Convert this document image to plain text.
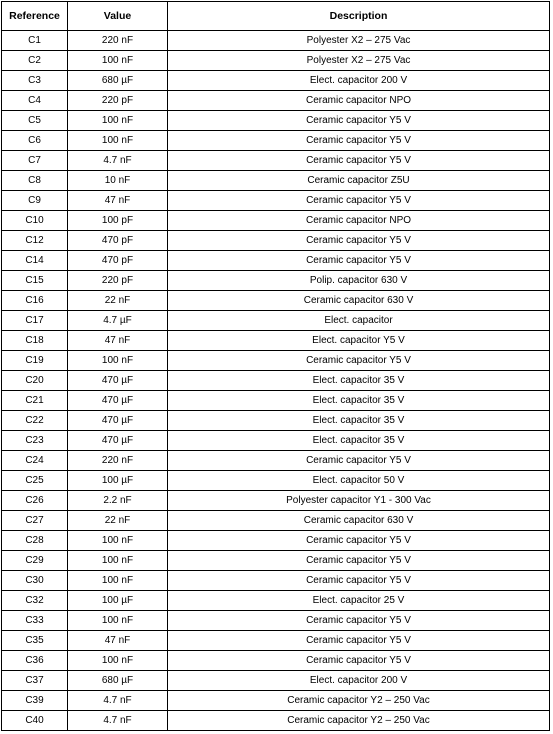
Reference	Value	Description
C1	220 nF	Polyester X2 – 275 Vac
C2	100 nF	Polyester X2 – 275 Vac
C3	680 µF	Elect. capacitor 200 V
C4	220 pF	Ceramic capacitor NPO
C5	100 nF	Ceramic capacitor Y5 V
C6	100 nF	Ceramic capacitor Y5 V
C7	4.7 nF	Ceramic capacitor Y5 V
C8	10 nF	Ceramic capacitor Z5U
C9	47 nF	Ceramic capacitor Y5 V
C10	100 pF	Ceramic capacitor NPO
C12	470 pF	Ceramic capacitor Y5 V
C14	470 pF	Ceramic capacitor Y5 V
C15	220 pF	Polip. capacitor 630 V
C16	22 nF	Ceramic capacitor 630 V
C17	4.7 µF	Elect. capacitor
C18	47 nF	Elect. capacitor Y5 V
C19	100 nF	Ceramic capacitor Y5 V
C20	470 µF	Elect. capacitor 35 V
C21	470 µF	Elect. capacitor 35 V
C22	470 µF	Elect. capacitor 35 V
C23	470 µF	Elect. capacitor 35 V
C24	220 nF	Ceramic capacitor Y5 V
C25	100 µF	Elect. capacitor 50 V
C26	2.2 nF	Polyester capacitor Y1 - 300 Vac
C27	22 nF	Ceramic capacitor 630 V
C28	100 nF	Ceramic capacitor Y5 V
C29	100 nF	Ceramic capacitor Y5 V
C30	100 nF	Ceramic capacitor Y5 V
C32	100 µF	Elect. capacitor 25 V
C33	100 nF	Ceramic capacitor Y5 V
C35	47 nF	Ceramic capacitor Y5 V
C36	100 nF	Ceramic capacitor Y5 V
C37	680 µF	Elect. capacitor 200 V
C39	4.7 nF	Ceramic capacitor Y2 – 250 Vac
C40	4.7 nF	Ceramic capacitor Y2 – 250 Vac
